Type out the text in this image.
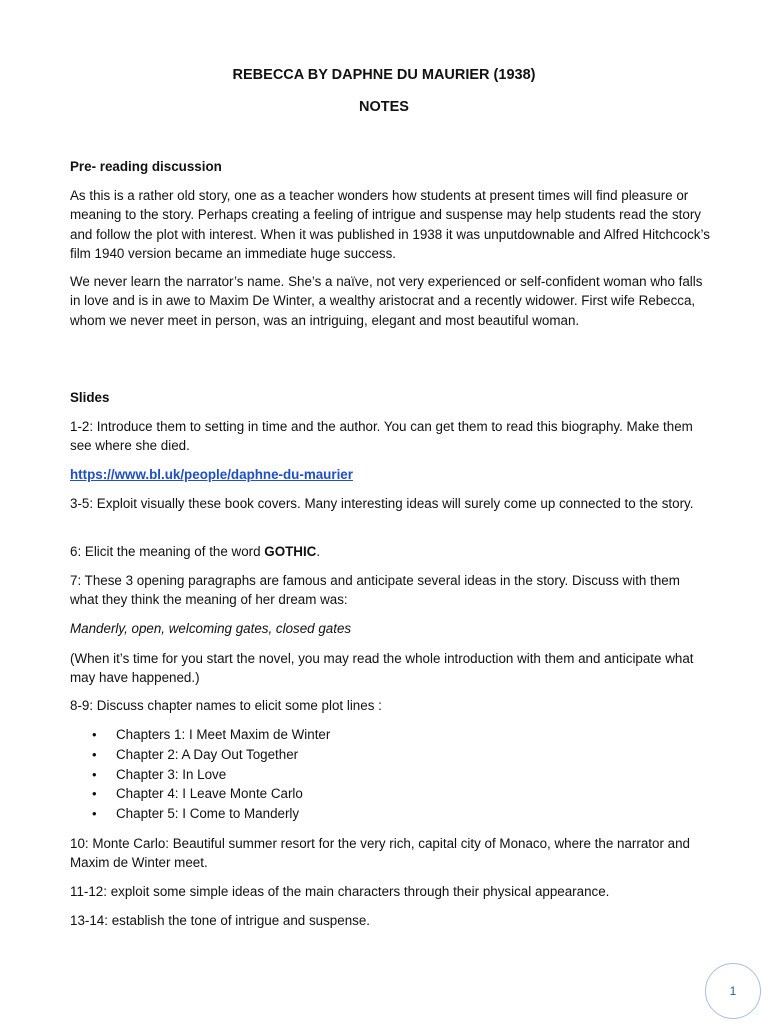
REBECCA BY DAPHNE DU MAURIER (1938)
NOTES

Pre- reading discussion

As this is a rather old story, one as a teacher wonders how students at present times will find pleasure or meaning to the story. Perhaps creating a feeling of intrigue and suspense may help students read the story and follow the plot with interest. When it was published in 1938 it was unputdownable and Alfred Hitchcock’s film 1940 version became an immediate huge success.

We never learn the narrator’s name. She’s a naïve, not very experienced or self-confident woman who falls in love and is in awe to Maxim De Winter, a wealthy aristocrat and a recently widower. First wife Rebecca, whom we never meet in person, was an intriguing, elegant and most beautiful woman.

Slides

1-2: Introduce them to setting in time and the author. You can get them to read this biography. Make them see where she died.

https://www.bl.uk/people/daphne-du-maurier

3-5: Exploit visually these book covers. Many interesting ideas will surely come up connected to the story.

6: Elicit the meaning of the word GOTHIC.

7: These 3 opening paragraphs are famous and anticipate several ideas in the story. Discuss with them what they think the meaning of her dream was:

Manderly, open, welcoming gates, closed gates

(When it’s time for you start the novel, you may read the whole introduction with them and anticipate what may have happened.)

8-9: Discuss chapter names to elicit some plot lines :

• Chapters 1: I Meet Maxim de Winter
• Chapter 2: A Day Out Together
• Chapter 3: In Love
• Chapter 4: I Leave Monte Carlo
• Chapter 5: I Come to Manderly

10: Monte Carlo: Beautiful summer resort for the very rich, capital city of Monaco, where the narrator and Maxim de Winter meet.

11-12: exploit some simple ideas of the main characters through their physical appearance.

13-14: establish the tone of intrigue and suspense.

1
